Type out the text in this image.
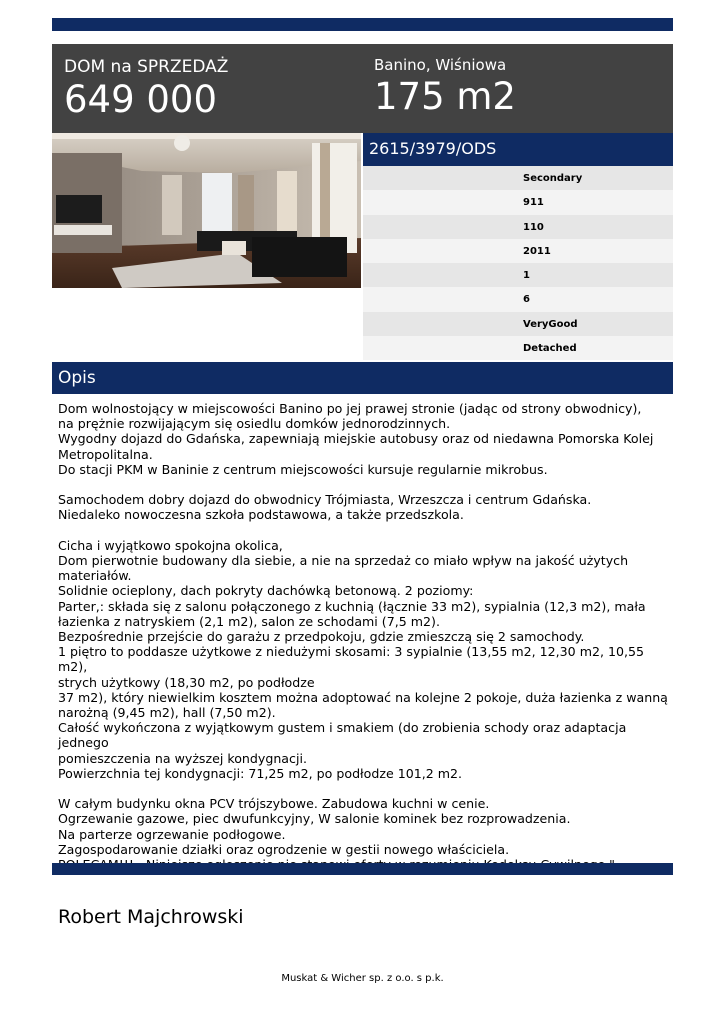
DOM na SPRZEDAŻ
649 000
Banino, Wiśniowa
175 m2
2615/3979/ODS
Secondary
911
110
2011
1
6
VeryGood
Detached
Opis

Dom wolnostojący w miejscowości Banino po jej prawej stronie (jadąc od strony obwodnicy),

na prężnie rozwijającym się osiedlu domków jednorodzinnych.

Wygodny dojazd do Gdańska, zapewniają miejskie autobusy oraz od niedawna Pomorska Kolej

Metropolitalna.

Do stacji PKM w Baninie z centrum miejscowości kursuje regularnie mikrobus.

Samochodem dobry dojazd do obwodnicy Trójmiasta, Wrzeszcza i centrum Gdańska.

Niedaleko nowoczesna szkoła podstawowa, a także przedszkola.

Cicha i wyjątkowo spokojna okolica,

Dom pierwotnie budowany dla siebie, a nie na sprzedaż co miało wpływ na jakość użytych

materiałów.

Solidnie ocieplony, dach pokryty dachówką betonową. 2 poziomy:

Parter,: składa się z salonu połączonego z kuchnią (łącznie 33 m2), sypialnia (12,3 m2), mała

łazienka z natryskiem (2,1 m2), salon ze schodami (7,5 m2).

Bezpośrednie przejście do garażu z przedpokoju, gdzie zmieszczą się 2 samochody.

1 piętro to poddasze użytkowe z niedużymi skosami: 3 sypialnie (13,55 m2, 12,30 m2, 10,55 m2),

strych użytkowy (18,30 m2, po podłodze

37 m2), który niewielkim kosztem można adoptować na kolejne 2 pokoje, duża łazienka z wanną

narożną (9,45 m2), hall (7,50 m2).

Całość wykończona z wyjątkowym gustem i smakiem (do zrobienia schody oraz adaptacja jednego

pomieszczenia na wyższej kondygnacji.

Powierzchnia tej kondygnacji: 71,25 m2, po podłodze 101,2 m2.

W całym budynku okna PCV trójszybowe. Zabudowa kuchni w cenie.

Ogrzewanie gazowe, piec dwufunkcyjny, W salonie kominek bez rozprowadzenia.

Na parterze ogrzewanie podłogowe.

Zagospodarowanie działki oraz ogrodzenie w gestii nowego właściciela.

Robert Majchrowski
Muskat & Wicher sp. z o.o. s p.k.
